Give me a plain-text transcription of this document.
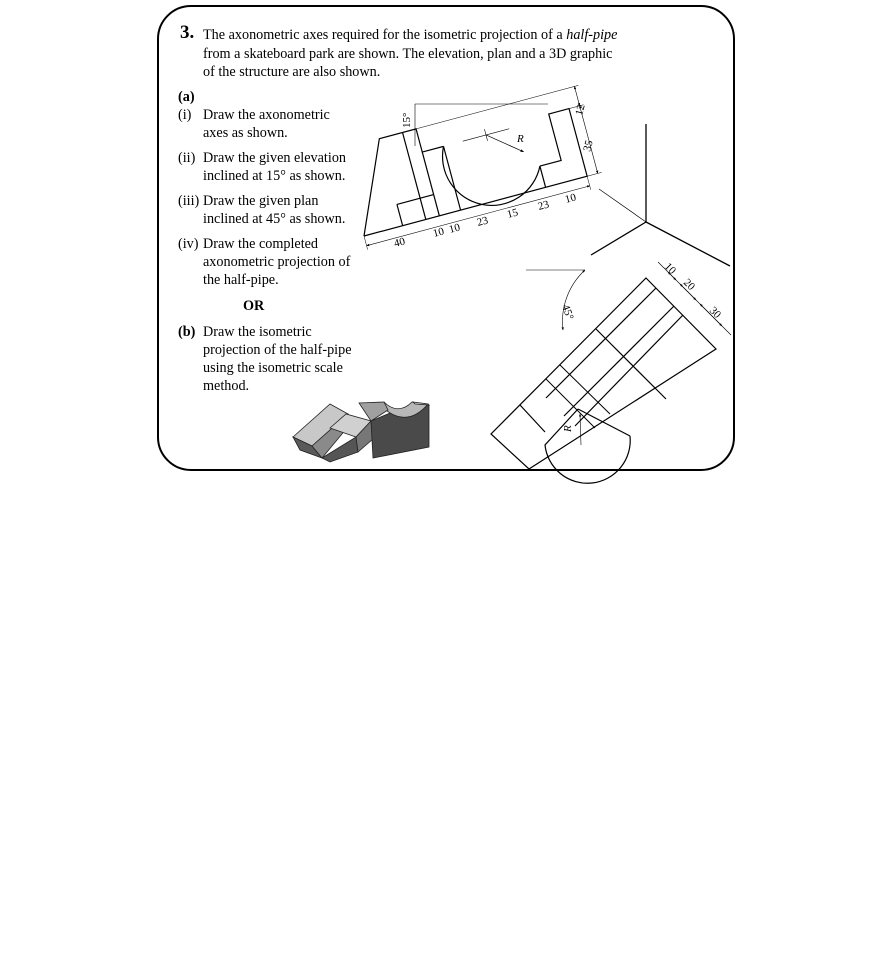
3. The axonometric axes required for the isometric projection of a half-pipe

from a skateboard park are shown. The elevation, plan and a 3D graphic

of the structure are also shown.

(a)
(i) Draw the axonometric
axes as shown.
(ii) Draw the given elevation
inclined at 15° as shown.
(iii) Draw the given plan
inclined at 45° as shown.
(iv) Draw the completed
axonometric projection of
the half-pipe.
OR
(b) Draw the isometric
projection of the half-pipe
using the isometric scale
method.
15°
R
12
35
40
10 10 23
15
23 10
45°
R
10
20
30
